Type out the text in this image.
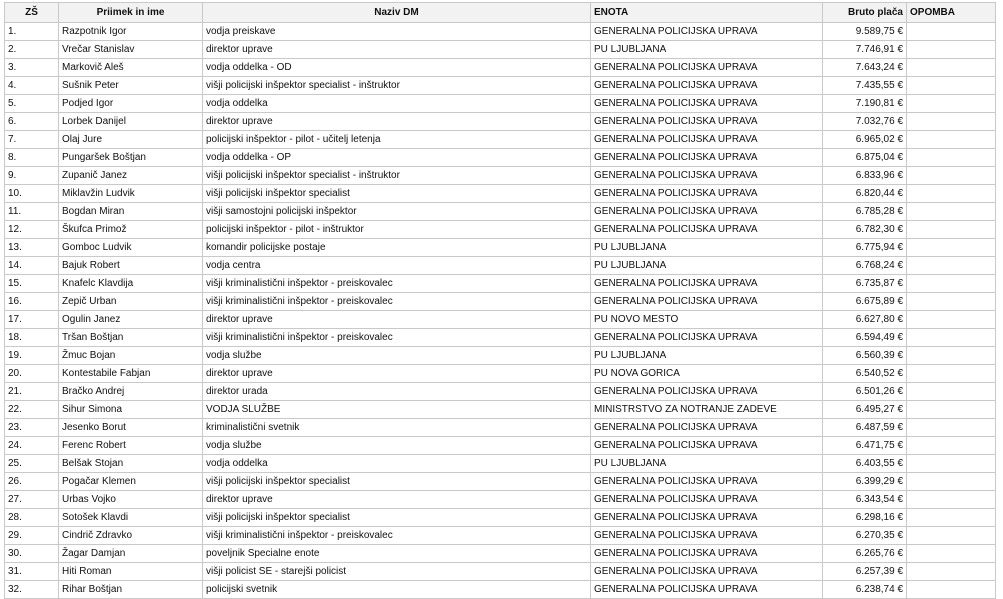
ZŠ	Priimek in ime	Naziv DM	ENOTA	Bruto plača	OPOMBA
1.	Razpotnik Igor	vodja preiskave	GENERALNA POLICIJSKA UPRAVA	9.589,75 €	
2.	Vrečar Stanislav	direktor uprave	PU LJUBLJANA	7.746,91 €	
3.	Markovič Aleš	vodja oddelka - OD	GENERALNA POLICIJSKA UPRAVA	7.643,24 €	
4.	Sušnik Peter	višji policijski inšpektor specialist - inštruktor	GENERALNA POLICIJSKA UPRAVA	7.435,55 €	
5.	Podjed Igor	vodja oddelka	GENERALNA POLICIJSKA UPRAVA	7.190,81 €	
6.	Lorbek Danijel	direktor uprave	GENERALNA POLICIJSKA UPRAVA	7.032,76 €	
7.	Olaj Jure	policijski inšpektor - pilot - učitelj letenja	GENERALNA POLICIJSKA UPRAVA	6.965,02 €	
8.	Pungaršek Boštjan	vodja oddelka - OP	GENERALNA POLICIJSKA UPRAVA	6.875,04 €	
9.	Zupanič Janez	višji policijski inšpektor specialist - inštruktor	GENERALNA POLICIJSKA UPRAVA	6.833,96 €	
10.	Miklavžin Ludvik	višji policijski inšpektor specialist	GENERALNA POLICIJSKA UPRAVA	6.820,44 €	
11.	Bogdan Miran	višji samostojni policijski inšpektor	GENERALNA POLICIJSKA UPRAVA	6.785,28 €	
12.	Škufca Primož	policijski inšpektor - pilot - inštruktor	GENERALNA POLICIJSKA UPRAVA	6.782,30 €	
13.	Gomboc Ludvik	komandir policijske postaje	PU LJUBLJANA	6.775,94 €	
14.	Bajuk Robert	vodja centra	PU LJUBLJANA	6.768,24 €	
15.	Knafelc Klavdija	višji kriminalistični inšpektor - preiskovalec	GENERALNA POLICIJSKA UPRAVA	6.735,87 €	
16.	Zepič Urban	višji kriminalistični inšpektor - preiskovalec	GENERALNA POLICIJSKA UPRAVA	6.675,89 €	
17.	Ogulin Janez	direktor uprave	PU NOVO MESTO	6.627,80 €	
18.	Tršan Boštjan	višji kriminalistični inšpektor - preiskovalec	GENERALNA POLICIJSKA UPRAVA	6.594,49 €	
19.	Žmuc Bojan	vodja službe	PU LJUBLJANA	6.560,39 €	
20.	Kontestabile Fabjan	direktor uprave	PU NOVA GORICA	6.540,52 €	
21.	Bračko Andrej	direktor urada	GENERALNA POLICIJSKA UPRAVA	6.501,26 €	
22.	Sihur Simona	VODJA SLUŽBE	MINISTRSTVO ZA NOTRANJE ZADEVE	6.495,27 €	
23.	Jesenko Borut	kriminalistični svetnik	GENERALNA POLICIJSKA UPRAVA	6.487,59 €	
24.	Ferenc Robert	vodja službe	GENERALNA POLICIJSKA UPRAVA	6.471,75 €	
25.	Belšak Stojan	vodja oddelka	PU LJUBLJANA	6.403,55 €	
26.	Pogačar Klemen	višji policijski inšpektor specialist	GENERALNA POLICIJSKA UPRAVA	6.399,29 €	
27.	Urbas Vojko	direktor uprave	GENERALNA POLICIJSKA UPRAVA	6.343,54 €	
28.	Sotošek Klavdi	višji policijski inšpektor specialist	GENERALNA POLICIJSKA UPRAVA	6.298,16 €	
29.	Cindrič Zdravko	višji kriminalistični inšpektor - preiskovalec	GENERALNA POLICIJSKA UPRAVA	6.270,35 €	
30.	Žagar Damjan	poveljnik Specialne enote	GENERALNA POLICIJSKA UPRAVA	6.265,76 €	
31.	Hiti Roman	višji policist SE - starejši policist	GENERALNA POLICIJSKA UPRAVA	6.257,39 €	
32.	Rihar Boštjan	policijski svetnik	GENERALNA POLICIJSKA UPRAVA	6.238,74 €	
